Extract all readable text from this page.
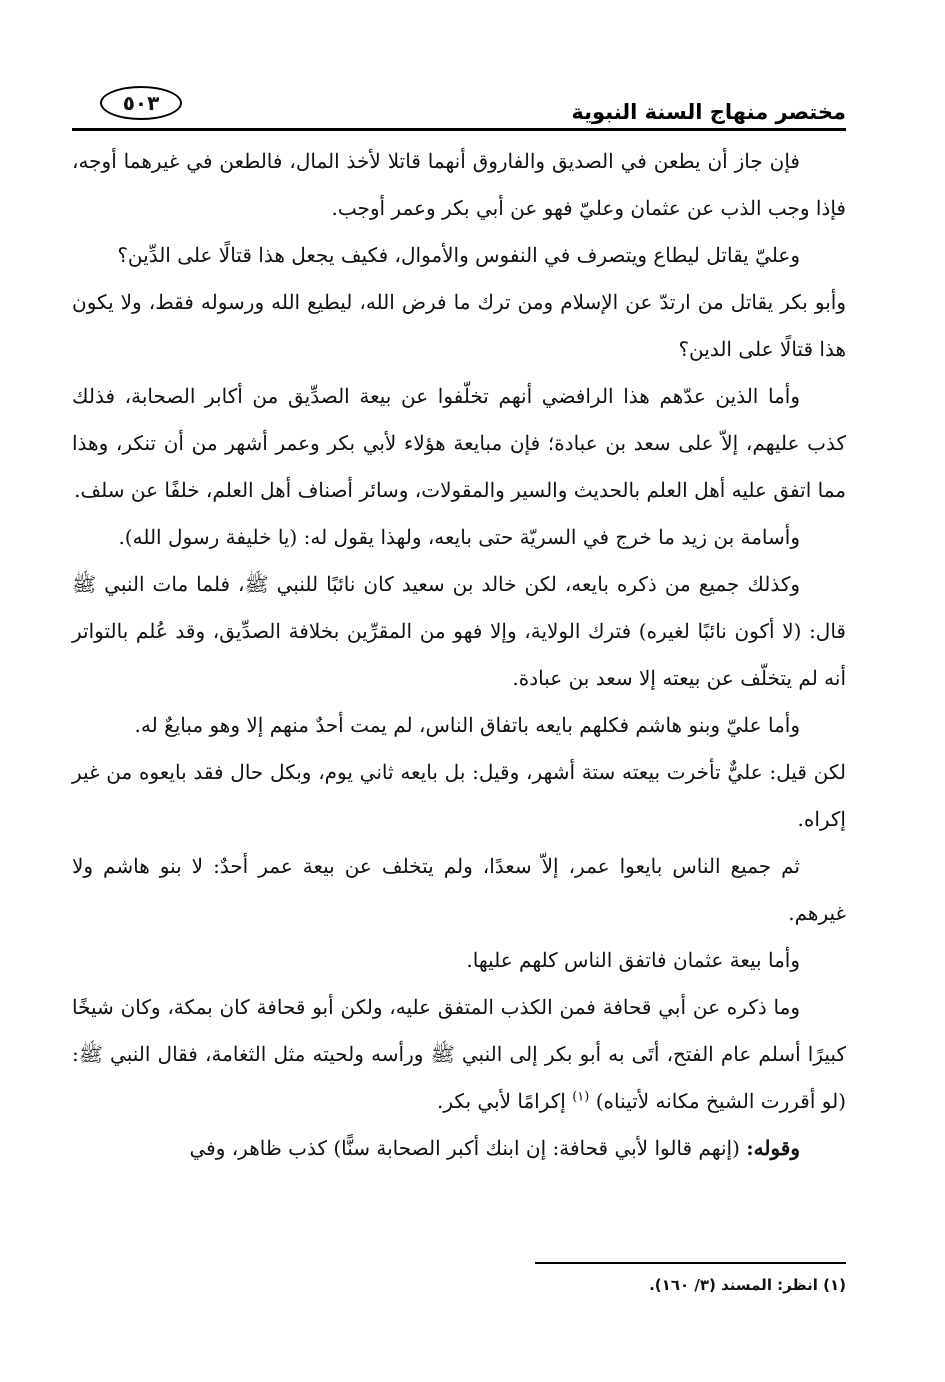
مختصر منهاج السنة النبوية
٥٠٣

فإن جاز أن يطعن في الصديق والفاروق أنهما قاتلا لأخذ المال، فالطعن في غيرهما أوجه، فإذا وجب الذب عن عثمان وعليّ فهو عن أبي بكر وعمر أوجب.

وعليّ يقاتل ليطاع ويتصرف في النفوس والأموال، فكيف يجعل هذا قتالًا على الدِّين؟

وأبو بكر يقاتل من ارتدّ عن الإسلام ومن ترك ما فرض الله، ليطيع الله ورسوله فقط، ولا يكون هذا قتالًا على الدين؟

وأما الذين عدّهم هذا الرافضي أنهم تخلّفوا عن بيعة الصدِّيق من أكابر الصحابة، فذلك كذب عليهم، إلاّ على سعد بن عبادة؛ فإن مبايعة هؤلاء لأبي بكر وعمر أشهر من أن تنكر، وهذا مما اتفق عليه أهل العلم بالحديث والسير والمقولات، وسائر أصناف أهل العلم، خلفًا عن سلف.

وأسامة بن زيد ما خرج في السريّة حتى بايعه، ولهذا يقول له: (يا خليفة رسول الله).

وكذلك جميع من ذكره بايعه، لكن خالد بن سعيد كان نائبًا للنبي ﷺ، فلما مات النبي ﷺ قال: (لا أكون نائبًا لغيره) فترك الولاية، وإلا فهو من المقرِّين بخلافة الصدِّيق، وقد عُلم بالتواتر أنه لم يتخلّف عن بيعته إلا سعد بن عبادة.

وأما عليّ وبنو هاشم فكلهم بايعه باتفاق الناس، لم يمت أحدٌ منهم إلا وهو مبايعٌ له.

لكن قيل: عليٌّ تأخرت بيعته ستة أشهر، وقيل: بل بايعه ثاني يوم، وبكل حال فقد بايعوه من غير إكراه.

ثم جميع الناس بايعوا عمر، إلاّ سعدًا، ولم يتخلف عن بيعة عمر أحدٌ: لا بنو هاشم ولا غيرهم.

وأما بيعة عثمان فاتفق الناس كلهم عليها.

وما ذكره عن أبي قحافة فمن الكذب المتفق عليه، ولكن أبو قحافة كان بمكة، وكان شيخًا كبيرًا أسلم عام الفتح، أتَى به أبو بكر إلى النبي ﷺ ورأسه ولحيته مثل الثغامة، فقال النبي ﷺ: (لو أقررت الشيخ مكانه لأتيناه) $^{(١)}$ إكرامًا لأبي بكر.

وقوله: (إنهم قالوا لأبي قحافة: إن ابنك أكبر الصحابة سنًّا) كذب ظاهر، وفي

(١) انظر: المسند (٣/ ١٦٠).
